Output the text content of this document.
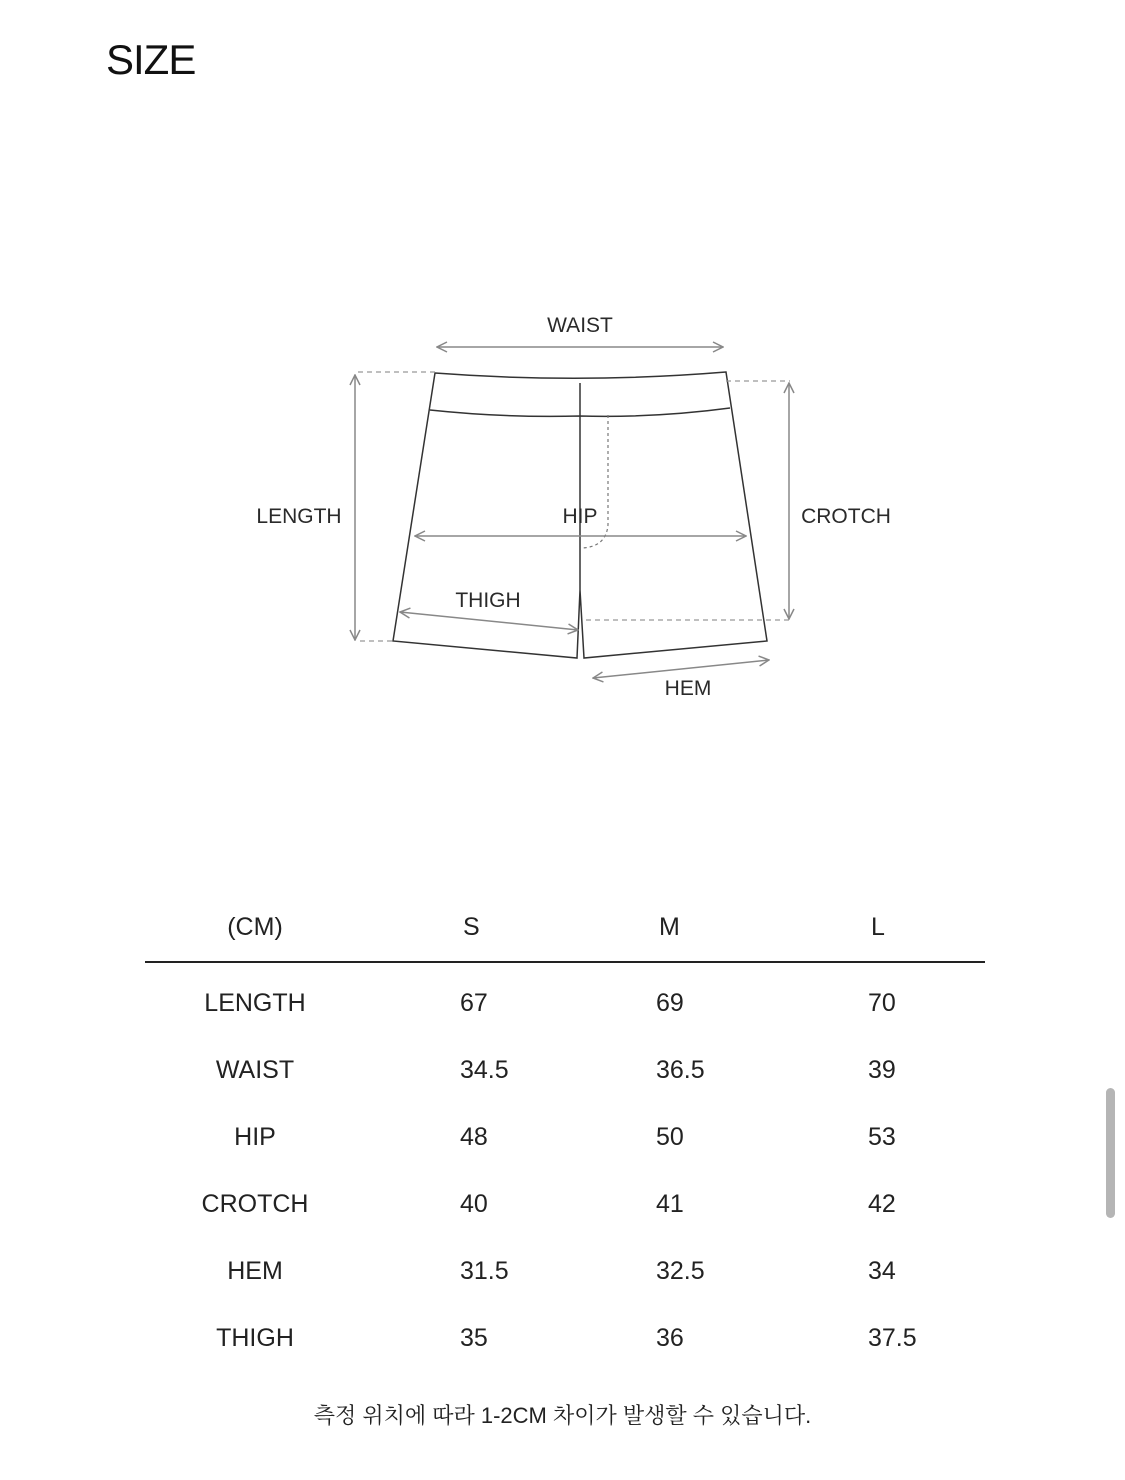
SIZE
WAIST
LENGTH	HIP	CROTCH
THIGH
HEM
(CM)	S	M	L
LENGTH	67	69	70
WAIST	34.5	36.5	39
HIP	48	50	53
CROTCH	40	41	42
HEM	31.5	32.5	34
THIGH	35	36	37.5
측정 위치에 따라 1-2CM 차이가 발생할 수 있습니다.
